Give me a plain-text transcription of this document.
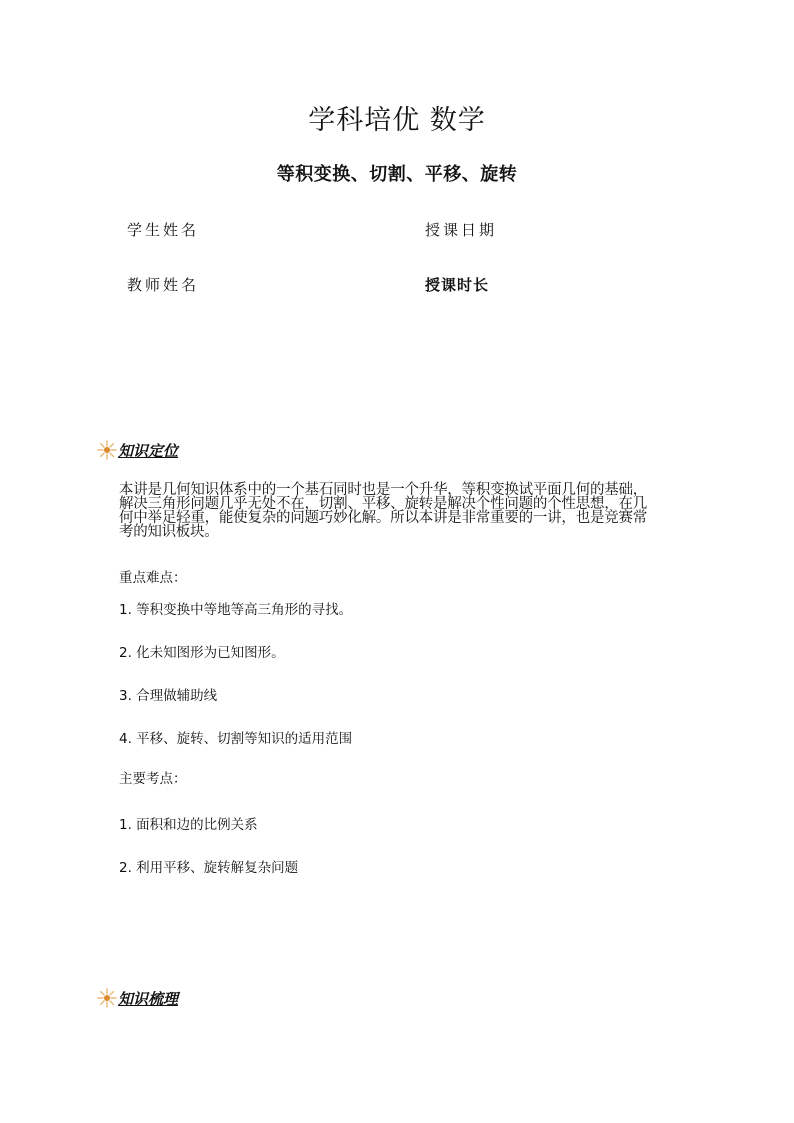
学科培优 数学
等积变换、切割、平移、旋转
学生姓名	授课日期
教师姓名	授课时长
知识定位
本讲是几何知识体系中的一个基石同时也是一个升华，等积变换试平面几何的基础，解决三角形问题几乎无处不在，切割、平移、旋转是解决个性问题的个性思想，在几何中举足轻重，能使复杂的问题巧妙化解。所以本讲是非常重要的一讲，也是竞赛常考的知识板块。
重点难点：
1. 等积变换中等地等高三角形的寻找。
2. 化未知图形为已知图形。
3. 合理做辅助线
4. 平移、旋转、切割等知识的适用范围
主要考点：
1. 面积和边的比例关系
2. 利用平移、旋转解复杂问题
知识梳理
